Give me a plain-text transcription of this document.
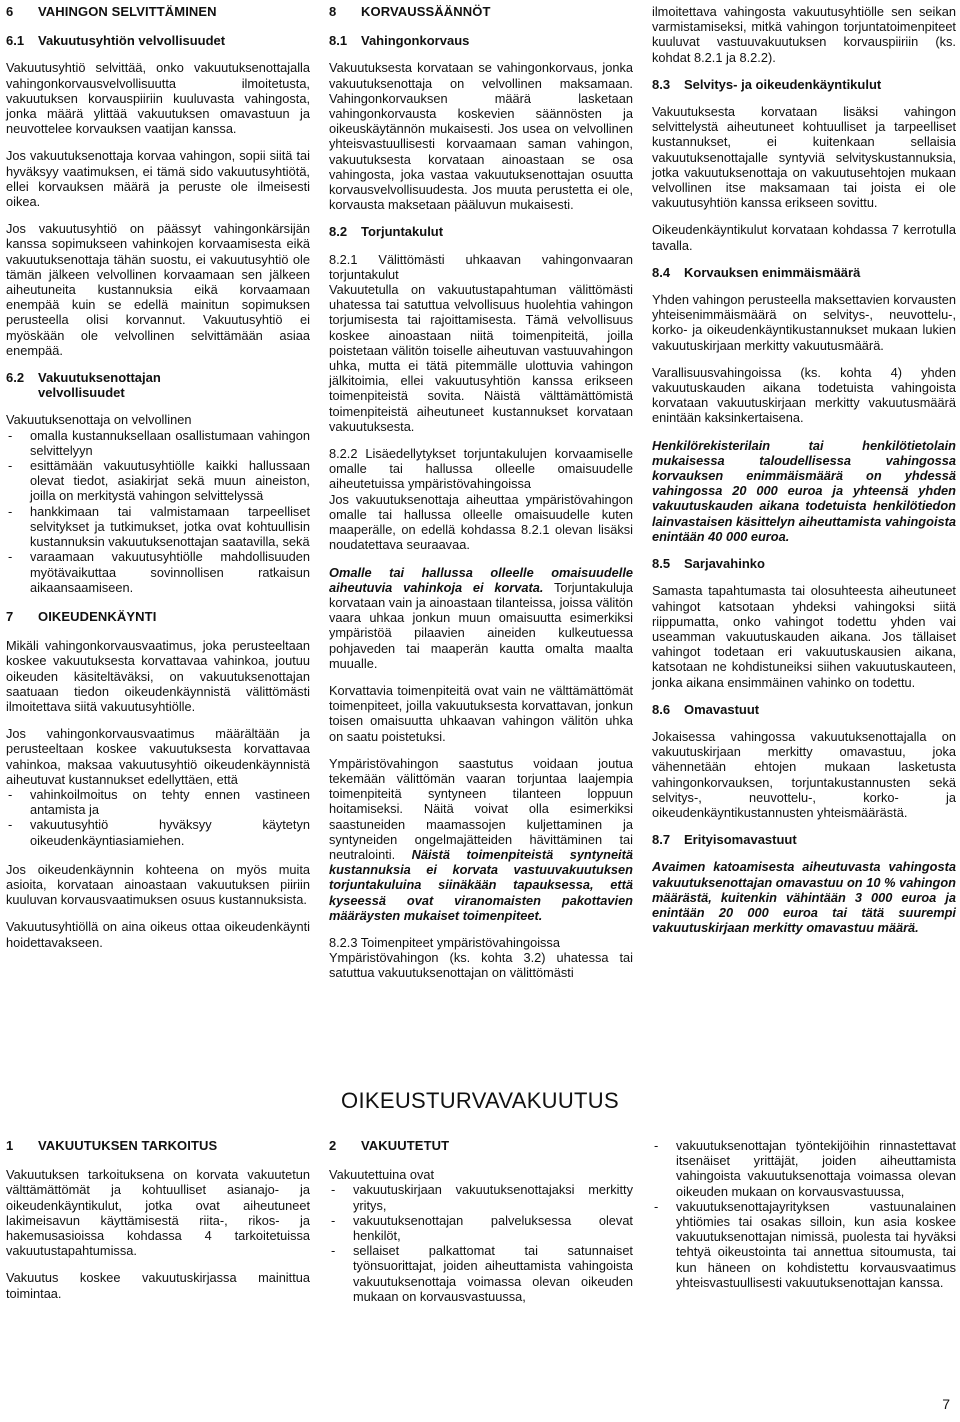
6 VAHINGON SELVITTÄMINEN
6.1 Vakuutusyhtiön velvollisuudet

Vakuutusyhtiö selvittää, onko vakuutuksenottajalla vahingonkorvausvelvollisuutta ilmoitetusta, vakuutuksen korvauspiiriin kuuluvasta vahingosta, jonka määrä ylittää vakuutuksen omavastuun ja neuvottelee korvauksen vaatijan kanssa.

Jos vakuutuksenottaja korvaa vahingon, sopii siitä tai hyväksyy vaatimuksen, ei tämä sido vakuutusyhtiötä, ellei korvauksen määrä ja peruste ole ilmeisesti oikea.

Jos vakuutusyhtiö on päässyt vahingonkärsijän kanssa sopimukseen vahinkojen korvaamisesta eikä vakuutuksenottaja tähän suostu, ei vakuutusyhtiö ole tämän jälkeen velvollinen korvaamaan sen jälkeen aiheutuneita kustannuksia eikä korvaamaan enempää kuin se edellä mainitun sopimuksen perusteella olisi korvannut. Vakuutusyhtiö ei myöskään ole velvollinen selvittämään asiaa enempää.

6.2	Vakuutuksenottajan velvollisuudet

Vakuutuksenottaja on velvollinen

- omalla kustannuksellaan osallistumaan vahingon selvittelyyn
- esittämään vakuutusyhtiölle kaikki hallussaan olevat tiedot, asiakirjat sekä muun aineiston, joilla on merkitystä vahingon selvittelyssä
- hankkimaan tai valmistamaan tarpeelliset selvitykset ja tutkimukset, jotka ovat kohtuullisin kustannuksin vakuutuksenottajan saatavilla, sekä
- varaamaan vakuutusyhtiölle mahdollisuuden myötävaikuttaa sovinnollisen ratkaisun aikaansaamiseen.
7 OIKEUDENKÄYNTI

Mikäli vahingonkorvausvaatimus, joka perusteeltaan koskee vakuutuksesta korvattavaa vahinkoa, joutuu oikeuden käsiteltäväksi, on vakuutuksenottajan saatuaan tiedon oikeudenkäynnistä välittömästi ilmoitettava siitä vakuutusyhtiölle.

Jos vahingonkorvausvaatimus määrältään ja perusteeltaan koskee vakuutuksesta korvattavaa vahinkoa, maksaa vakuutusyhtiö oikeudenkäynnistä aiheutuvat kustannukset edellyttäen, että

- vahinkoilmoitus on tehty ennen vastineen antamista ja
- vakuutusyhtiö hyväksyy käytetyn oikeudenkäyntiasiamiehen.

Jos oikeudenkäynnin kohteena on myös muita asioita, korvataan ainoastaan vakuutuksen piiriin kuuluvan korvausvaatimuksen osuus kustannuksista.

Vakuutusyhtiöllä on aina oikeus ottaa oikeudenkäynti hoidettavakseen.

8 KORVAUSSÄÄNNÖT
8.1 Vahingonkorvaus

Vakuutuksesta korvataan se vahingonkorvaus, jonka vakuutuksenottaja on velvollinen maksamaan. Vahingonkorvauksen määrä lasketaan vahingonkorvausta koskevien säännösten ja oikeuskäytännön mukaisesti. Jos usea on velvollinen yhteisvastuullisesti korvaamaan saman vahingon, vakuutuksesta korvataan ainoastaan se osa vahingosta, joka vastaa vakuutuksenottajan osuutta korvausvelvollisuudesta. Jos muuta perustetta ei ole, korvausta maksetaan pääluvun mukaisesti.

8.2 Torjuntakulut

8.2.1 Välittömästi uhkaavan vahingonvaaran torjuntakulut

Vakuutetulla on vakuutustapahtuman välittömästi uhatessa tai satuttua velvollisuus huolehtia vahingon torjumisesta tai rajoittamisesta. Tämä velvollisuus koskee ainoastaan niitä toimenpiteitä, joilla poistetaan välitön toiselle aiheutuvan vastuuvahingon uhka, mutta ei tätä pitemmälle ulottuvia vahingon jälkitoimia, ellei vakuutusyhtiön kanssa erikseen toimenpiteistä sovita. Näistä välttämättömistä toimenpiteistä aiheutuneet kustannukset korvataan vakuutuksesta.

8.2.2 Lisäedellytykset torjuntakulujen korvaamiselle omalle tai hallussa olleelle omaisuudelle aiheutetuissa ympäristövahingoissa

Jos vakuutuksenottaja aiheuttaa ympäristövahingon omalle tai hallussa olleelle omaisuudelle kuten maaperälle, on edellä kohdassa 8.2.1 olevan lisäksi noudatettava seuraavaa.

Omalle tai hallussa olleelle omaisuudelle aiheutuvia vahinkoja ei korvata. Torjuntakuluja korvataan vain ja ainoastaan tilanteissa, joissa välitön vaara uhkaa jonkun muun omaisuutta esimerkiksi ympäristöä pilaavien aineiden kulkeutuessa pohjaveden tai maaperän kautta omalta maalta muualle.

Korvattavia toimenpiteitä ovat vain ne välttämättömät toimenpiteet, joilla vakuutuksesta korvattavan, jonkun toisen omaisuutta uhkaavan vahingon välitön uhka on saatu poistetuksi.

Ympäristövahingon saastutus voidaan joutua tekemään välittömän vaaran torjuntaa laajempia toimenpiteitä syntyneen tilanteen loppuun hoitamiseksi. Näitä voivat olla esimerkiksi saastuneiden maamassojen kuljettaminen ja syntyneiden ongelmajätteiden hävittäminen tai neutralointi. Näistä toimenpiteistä syntyneitä kustannuksia ei korvata vastuuvakuutuksen torjuntakuluina siinäkään tapauksessa, että kyseessä ovat viranomaisten pakottavien määräysten mukaiset toimenpiteet.

8.2.3 Toimenpiteet ympäristövahingoissa

Ympäristövahingon (ks. kohta 3.2) uhatessa tai satuttua vakuutuksenottajan on välittömästi

ilmoitettava vahingosta vakuutusyhtiölle sen seikan varmistamiseksi, mitkä vahingon torjuntatoimenpiteet kuuluvat vastuuvakuutuksen korvauspiiriin (ks. kohdat 8.2.1 ja 8.2.2).

8.3 Selvitys- ja oikeudenkäyntikulut

Vakuutuksesta korvataan lisäksi vahingon selvittelystä aiheutuneet kohtuulliset ja tarpeelliset kustannukset, ei kuitenkaan sellaisia vakuutuksenottajalle syntyviä selvityskustannuksia, jotka vakuutuksenottaja on vakuutusehtojen mukaan velvollinen itse maksamaan tai joista ei ole vakuutusyhtiön kanssa erikseen sovittu.

Oikeudenkäyntikulut korvataan kohdassa 7 kerrotulla tavalla.

8.4 Korvauksen enimmäismäärä

Yhden vahingon perusteella maksettavien korvausten yhteisenimmäismäärä on selvitys-, neuvottelu-, korko- ja oikeudenkäyntikustannukset mukaan lukien vakuutuskirjaan merkitty vakuutusmäärä.

Varallisuusvahingoissa (ks. kohta 4) yhden vakuutuskauden aikana todetuista vahingoista korvataan vakuutuskirjaan merkitty vakuutusmäärä enintään kaksinkertaisena.

Henkilörekisterilain tai henkilötietolain mukaisessa taloudellisessa vahingossa korvauksen enimmäismäärä on yhdessä vahingossa 20 000 euroa ja yhteensä yhden vakuutuskauden aikana todetuista henkilötiedon lainvastaisen käsittelyn aiheuttamista vahingoista enintään 40 000 euroa.

8.5 Sarjavahinko

Samasta tapahtumasta tai olosuhteesta aiheutuneet vahingot katsotaan yhdeksi vahingoksi siitä riippumatta, onko vahingot todettu yhden vai useamman vakuutuskauden aikana. Jos tällaiset vahingot todetaan eri vakuutuskausien aikana, katsotaan ne kohdistuneiksi siihen vakuutuskauteen, jonka aikana ensimmäinen vahinko on todettu.

8.6 Omavastuut

Jokaisessa vahingossa vakuutuksenottajalla on vakuutuskirjaan merkitty omavastuu, joka vähennetään ehtojen mukaan lasketusta vahingonkorvauksen, torjuntakustannusten sekä selvitys-, neuvottelu-, korko- ja oikeudenkäyntikustannusten yhteismäärästä.

8.7 Erityisomavastuut

Avaimen katoamisesta aiheutuvasta vahingosta vakuutuksenottajan omavastuu on 10 % vahingon määrästä, kuitenkin vähintään 3 000 euroa ja enintään 20 000 euroa tai tätä suurempi vakuutuskirjaan merkitty omavastuu määrä.

OIKEUSTURVAVAKUUTUS
1 VAKUUTUKSEN TARKOITUS

Vakuutuksen tarkoituksena on korvata vakuutetun välttämättömät ja kohtuulliset asianajo- ja oikeudenkäyntikulut, jotka ovat aiheutuneet lakimeisavun käyttämisestä riita-, rikos- ja hakemusasioissa kohdassa 4 tarkoitetuissa vakuutustapahtumissa.

Vakuutus koskee vakuutuskirjassa mainittua toimintaa.

2 VAKUUTETUT

Vakuutettuina ovat

- vakuutuskirjaan vakuutuksenottajaksi merkitty yritys,
- vakuutuksenottajan palveluksessa olevat henkilöt,
- sellaiset palkattomat tai satunnaiset työnsuorittajat, joiden aiheuttamista vahingoista vakuutuksenottaja voimassa olevan oikeuden mukaan on korvausvastuussa,
- vakuutuksenottajan työntekijöihin rinnastettavat itsenäiset yrittäjät, joiden aiheuttamista vahingoista vakuutuksenottaja voimassa olevan oikeuden mukaan on korvausvastuussa,
- vakuutuksenottajayrityksen vastuunalainen yhtiömies tai osakas silloin, kun asia koskee vakuutuksenottajan nimissä, puolesta tai hyväksi tehtyä oikeustointa tai annettua sitoumusta, tai kun häneen on kohdistettu korvausvaatimus yhteisvastuullisesti vakuutuksenottajan kanssa.
7
